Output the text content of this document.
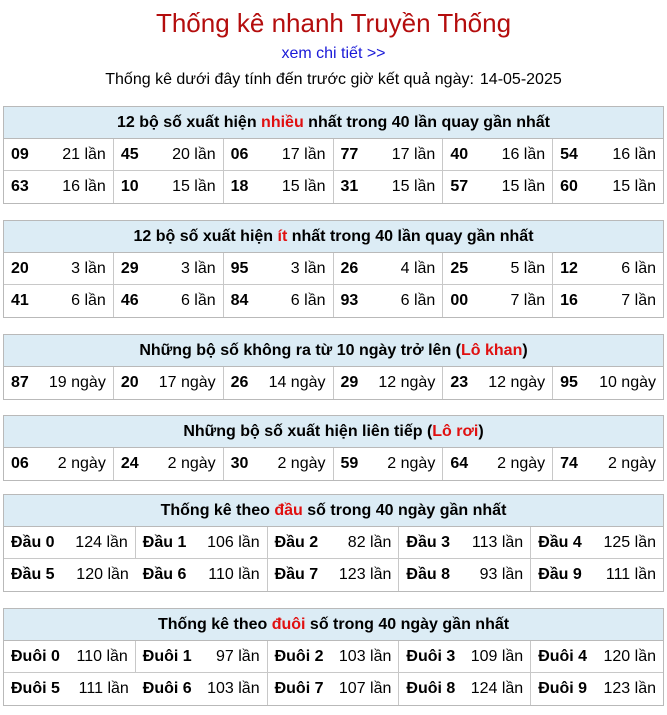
Thống kê nhanh Truyền Thống
xem chi tiết >>
Thống kê dưới đây tính đến trước giờ kết quả ngày: 14-05-2025
12 bộ số xuất hiện nhiều nhất trong 40 lần quay gần nhất
09 21 lần 45 20 lần 06 17 lần 77 17 lần 40 16 lần 54 16 lần
63 16 lần 10 15 lần 18 15 lần 31 15 lần 57 15 lần 60 15 lần
12 bộ số xuất hiện ít nhất trong 40 lần quay gần nhất
20	3 lần 29	3 lần 95	3 lần 26	4 lần 25	5 lần 12	6 lần
41	6 lần 46	6 lần 84	6 lần 93	6 lần 00	7 lần 16	7 lần
Những bộ số không ra từ 10 ngày trở lên (Lô khan)
87 19 ngày 20 17 ngày 26 14 ngày 29 12 ngày 23 12 ngày 95 10 ngày
Những bộ số xuất hiện liên tiếp (Lô rơi)
06 2 ngày 24 2 ngày 30 2 ngày 59 2 ngày 64 2 ngày 74 2 ngày
Thống kê theo đầu số trong 40 ngày gần nhất
Đầu 0 124 lần Đầu 1 106 lần Đầu 2 82 lần Đầu 3 113 lần Đầu 4 125 lần
Đầu 5 120 lần Đầu 6 110 lần Đầu 7 123 lần Đầu 8 93 lần Đầu 9 111 lần
Thống kê theo đuôi số trong 40 ngày gần nhất
Đuôi 0 110 lần Đuôi 1 97 lần Đuôi 2 103 lần Đuôi 3 109 lần Đuôi 4 120 lần
Đuôi 5 111 lần Đuôi 6 103 lần Đuôi 7 107 lần Đuôi 8 124 lần Đuôi 9 123 lần
